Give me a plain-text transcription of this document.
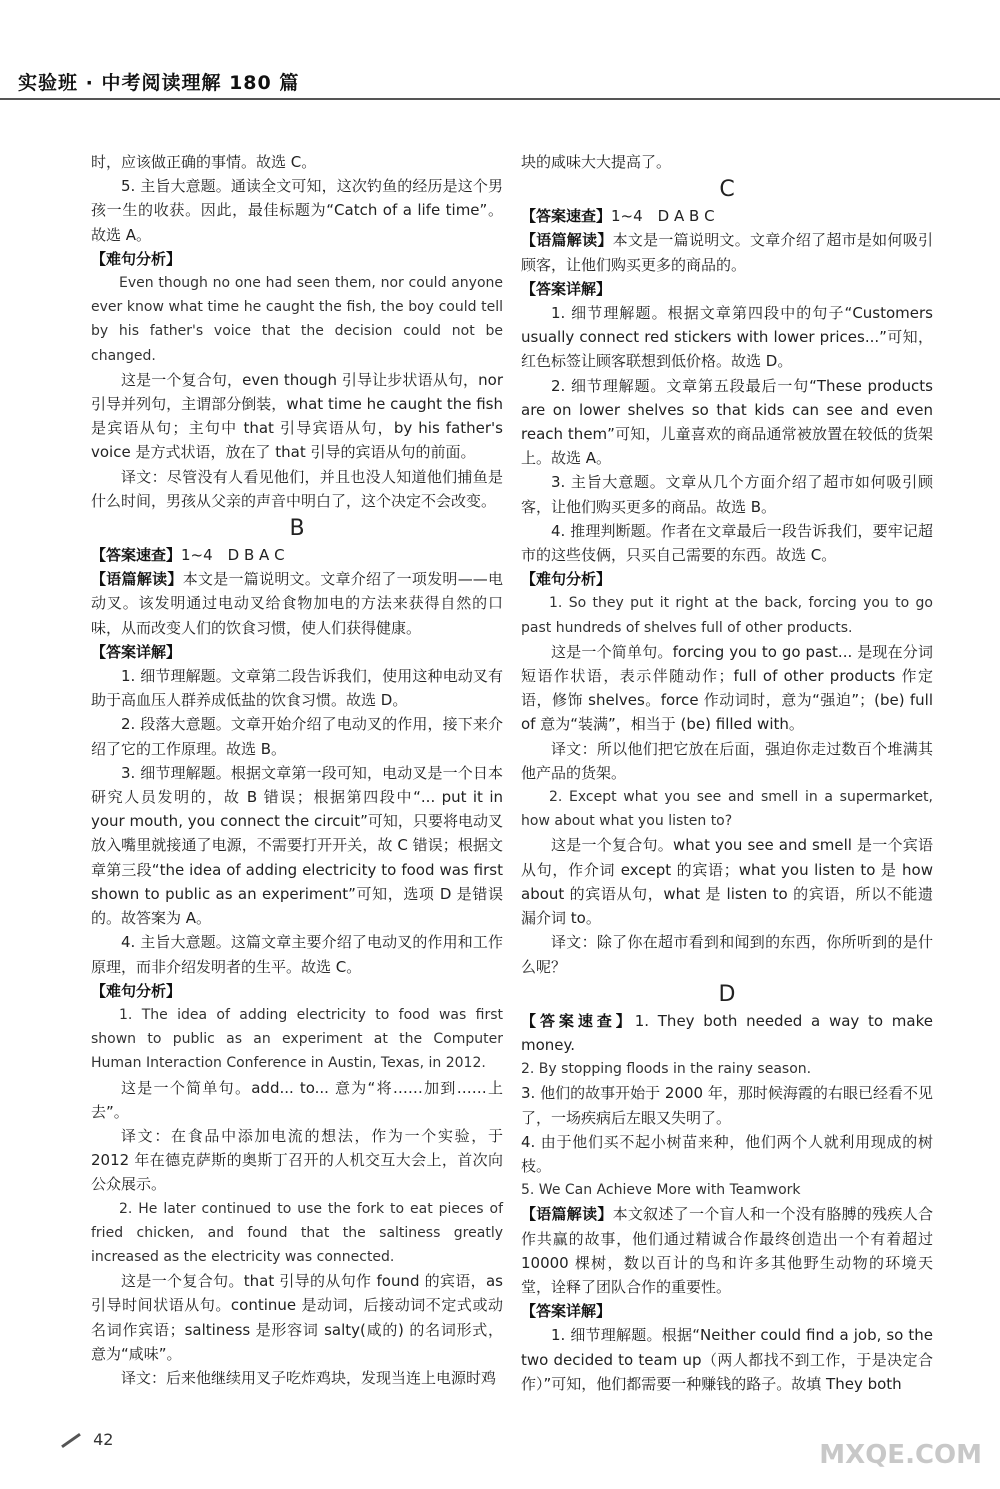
实验班 · 中考阅读理解 180 篇

时，应该做正确的事情。故选 C。

5. 主旨大意题。通读全文可知，这次钓鱼的经历是这个男孩一生的收获。因此，最佳标题为“Catch of a life time”。故选 A。

【难句分析】

Even though no one had seen them, nor could anyone ever know what time he caught the fish, the boy could tell by his father's voice that the decision could not be changed.

这是一个复合句，even though 引导让步状语从句，nor 引导并列句，主谓部分倒装，what time he caught the fish 是宾语从句；主句中 that 引导宾语从句，by his father's voice 是方式状语，放在了 that 引导的宾语从句的前面。

译文：尽管没有人看见他们，并且也没人知道他们捕鱼是什么时间，男孩从父亲的声音中明白了，这个决定不会改变。

B

【答案速查】1~4　D B A C

【语篇解读】本文是一篇说明文。文章介绍了一项发明——电动叉。该发明通过电动叉给食物加电的方法来获得自然的口味，从而改变人们的饮食习惯，使人们获得健康。

【答案详解】

1. 细节理解题。文章第二段告诉我们，使用这种电动叉有助于高血压人群养成低盐的饮食习惯。故选 D。

2. 段落大意题。文章开始介绍了电动叉的作用，接下来介绍了它的工作原理。故选 B。

3. 细节理解题。根据文章第一段可知，电动叉是一个日本研究人员发明的，故 B 错误；根据第四段中“... put it in your mouth, you connect the circuit”可知，只要将电动叉放入嘴里就接通了电源，不需要打开开关，故 C 错误；根据文章第三段“the idea of adding electricity to food was first shown to public as an experiment”可知，选项 D 是错误的。故答案为 A。

4. 主旨大意题。这篇文章主要介绍了电动叉的作用和工作原理，而非介绍发明者的生平。故选 C。

【难句分析】

1. The idea of adding electricity to food was first shown to public as an experiment at the Computer Human Interaction Conference in Austin, Texas, in 2012.

这是一个简单句。add... to... 意为“将……加到……上去”。

译文：在食品中添加电流的想法，作为一个实验，于 2012 年在德克萨斯的奥斯丁召开的人机交互大会上，首次向公众展示。

2. He later continued to use the fork to eat pieces of fried chicken, and found that the saltiness greatly increased as the electricity was connected.

这是一个复合句。that 引导的从句作 found 的宾语，as 引导时间状语从句。continue 是动词，后接动词不定式或动名词作宾语；saltiness 是形容词 salty(咸的) 的名词形式，意为“咸味”。

译文：后来他继续用叉子吃炸鸡块，发现当连上电源时鸡

块的咸味大大提高了。

C

【答案速查】1~4　D A B C

【语篇解读】本文是一篇说明文。文章介绍了超市是如何吸引顾客，让他们购买更多的商品的。

【答案详解】

1. 细节理解题。根据文章第四段中的句子“Customers usually connect red stickers with lower prices...”可知，红色标签让顾客联想到低价格。故选 D。

2. 细节理解题。文章第五段最后一句“These products are on lower shelves so that kids can see and even reach them”可知，儿童喜欢的商品通常被放置在较低的货架上。故选 A。

3. 主旨大意题。文章从几个方面介绍了超市如何吸引顾客，让他们购买更多的商品。故选 B。

4. 推理判断题。作者在文章最后一段告诉我们，要牢记超市的这些伎俩，只买自己需要的东西。故选 C。

【难句分析】

1. So they put it right at the back, forcing you to go past hundreds of shelves full of other products.

这是一个简单句。forcing you to go past... 是现在分词短语作状语，表示伴随动作；full of other products 作定语，修饰 shelves。force 作动词时，意为“强迫”；(be) full of 意为“装满”，相当于 (be) filled with。

译文：所以他们把它放在后面，强迫你走过数百个堆满其他产品的货架。

2. Except what you see and smell in a supermarket, how about what you listen to?

这是一个复合句。what you see and smell 是一个宾语从句，作介词 except 的宾语；what you listen to 是 how about 的宾语从句，what 是 listen to 的宾语，所以不能遗漏介词 to。

译文：除了你在超市看到和闻到的东西，你所听到的是什么呢？

D

【答案速查】1. They both needed a way to make money.

2. By stopping floods in the rainy season.

3. 他们的故事开始于 2000 年，那时候海霞的右眼已经看不见了，一场疾病后左眼又失明了。

4. 由于他们买不起小树苗来种，他们两个人就利用现成的树枝。

5. We Can Achieve More with Teamwork

【语篇解读】本文叙述了一个盲人和一个没有胳膊的残疾人合作共赢的故事，他们通过精诚合作最终创造出一个有着超过 10000 棵树，数以百计的鸟和许多其他野生动物的环境天堂，诠释了团队合作的重要性。

【答案详解】

1. 细节理解题。根据“Neither could find a job, so the two decided to team up（两人都找不到工作，于是决定合作）”可知，他们都需要一种赚钱的路子。故填 They both

42
MXQE.COM
